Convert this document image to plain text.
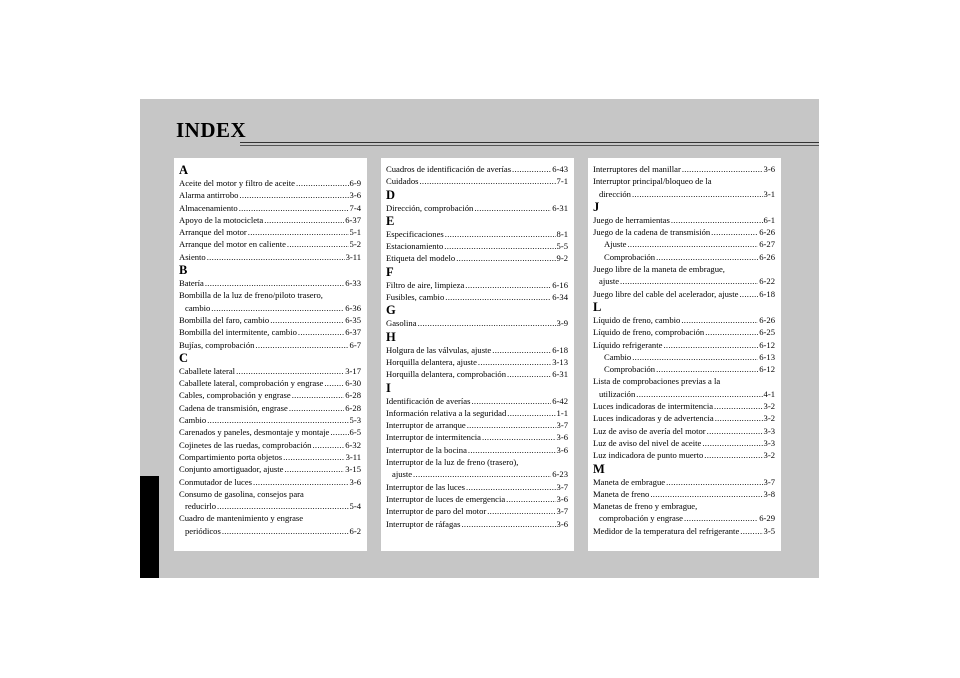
INDEX
A
Aceite del motor y filtro de aceite .....	6-9
Alarma antirrobo .....	3-6
Almacenamiento .....	7-4
Apoyo de la motocicleta .....	6-37
Arranque del motor .....	5-1
Arranque del motor en caliente .....	5-2
Asiento .....	3-11
B
Batería .....	6-33
Bombilla de la luz de freno/piloto trasero,
cambio .....	6-36
Bombilla del faro, cambio .....	6-35
Bombilla del intermitente, cambio .....	6-37
Bujías, comprobación .....	6-7
C
Caballete lateral .....	3-17
Caballete lateral, comprobación y engrase .....	6-30
Cables, comprobación y engrase .....	6-28
Cadena de transmisión, engrase .....	6-28
Cambio .....	5-3
Carenados y paneles, desmontaje y montaje ..... 6-5
Cojinetes de las ruedas, comprobación .....	6-32
Compartimiento porta objetos .....	3-11
Conjunto amortiguador, ajuste .....	3-15
Conmutador de luces .....	3-6
Consumo de gasolina, consejos para
reducirlo .....	5-4
Cuadro de mantenimiento y engrase
periódicos .....	6-2
Cuadros de identificación de averías .....	6-43
Cuidados .....	7-1
D
Dirección, comprobación .....	6-31
E
Especificaciones .....	8-1
Estacionamiento .....	5-5
Etiqueta del modelo .....	9-2
F
Filtro de aire, limpieza .....	6-16
Fusibles, cambio .....	6-34
G
Gasolina .....	3-9
H
Holgura de las válvulas, ajuste .....	6-18
Horquilla delantera, ajuste .....	3-13
Horquilla delantera, comprobación .....	6-31
I
Identificación de averías .....	6-42
Información relativa a la seguridad .....	1-1
Interruptor de arranque .....	3-7
Interruptor de intermitencia .....	3-6
Interruptor de la bocina .....	3-6
Interruptor de la luz de freno (trasero),
ajuste .....	6-23
Interruptor de las luces .....	3-7
Interruptor de luces de emergencia .....	3-6
Interruptor de paro del motor .....	3-7
Interruptor de ráfagas .....	3-6
Interruptores del manillar .....	3-6
Interruptor principal/bloqueo de la
dirección .....	3-1
J
Juego de herramientas .....	6-1
Juego de la cadena de transmisión .....	6-26
Ajuste .....	6-27
Comprobación .....	6-26
Juego libre de la maneta de embrague,
ajuste .....	6-22
Juego libre del cable del acelerador, ajuste ..... 6-18
L
Líquido de freno, cambio .....	6-26
Líquido de freno, comprobación .....	6-25
Líquido refrigerante .....	6-12
Cambio .....	6-13
Comprobación .....	6-12
Lista de comprobaciones previas a la
utilización .....	4-1
Luces indicadoras de intermitencia .....	3-2
Luces indicadoras y de advertencia .....	3-2
Luz de aviso de avería del motor .....	3-3
Luz de aviso del nivel de aceite .....	3-3
Luz indicadora de punto muerto .....	3-2
M
Maneta de embrague .....	3-7
Maneta de freno .....	3-8
Manetas de freno y embrague,
comprobación y engrase .....	6-29
Medidor de la temperatura del refrigerante .....	3-5
